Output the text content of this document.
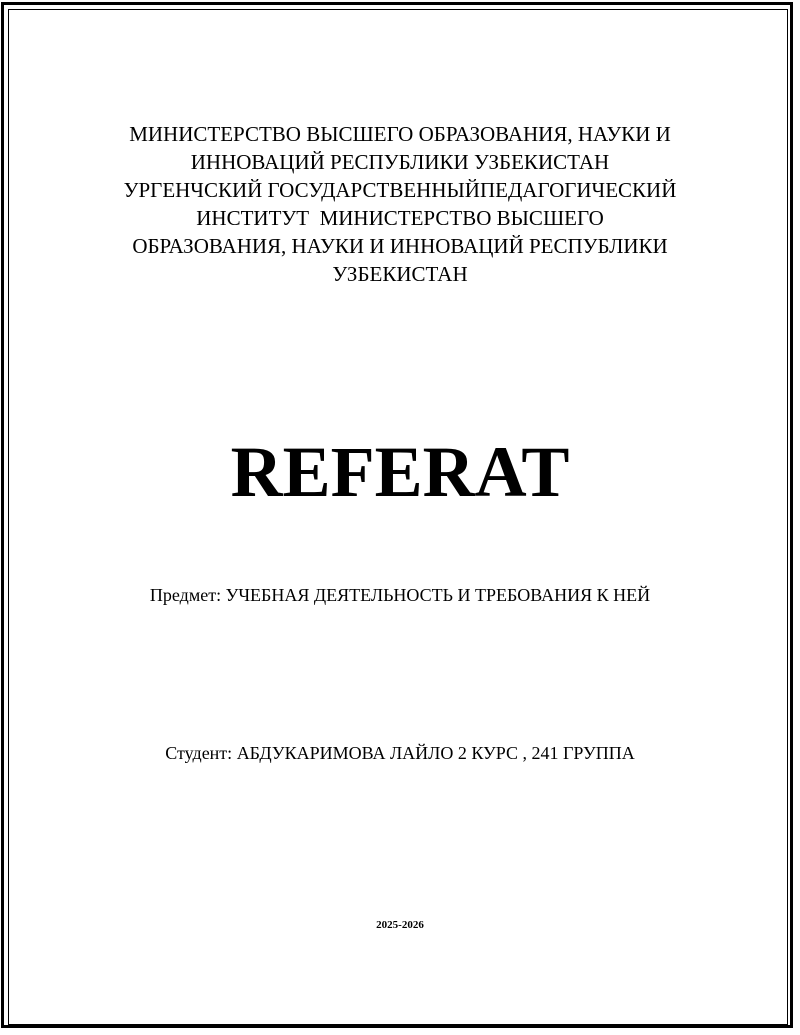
МИНИСТЕРСТВО ВЫСШЕГО ОБРАЗОВАНИЯ, НАУКИ И
ИННОВАЦИЙ РЕСПУБЛИКИ УЗБЕКИСТАН
УРГЕНЧСКИЙ ГОСУДАРСТВЕННЫЙПЕДАГОГИЧЕСКИЙ
ИНСТИТУТ  МИНИСТЕРСТВО ВЫСШЕГО
ОБРАЗОВАНИЯ, НАУКИ И ИННОВАЦИЙ РЕСПУБЛИКИ
УЗБЕКИСТАН
REFERAT
Предмет: УЧЕБНАЯ ДЕЯТЕЛЬНОСТЬ И ТРЕБОВАНИЯ К НЕЙ
Студент: АБДУКАРИМОВА ЛАЙЛО 2 КУРС , 241 ГРУППА
2025-2026
